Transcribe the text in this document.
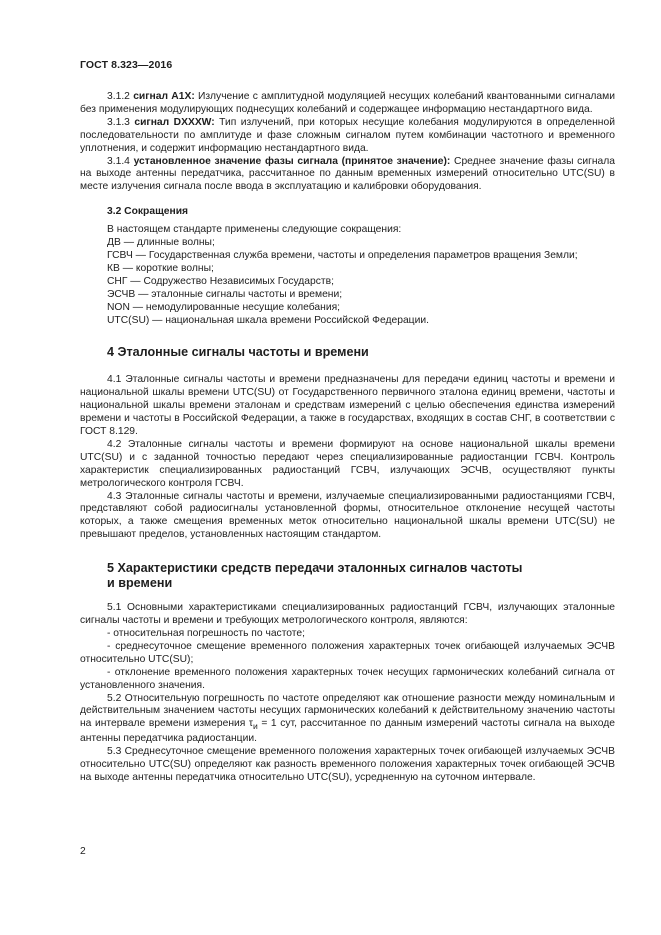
ГОСТ 8.323—2016

3.1.2 сигнал А1Х: Излучение с амплитудной модуляцией несущих колебаний квантованными сигналами без применения модулирующих поднесущих колебаний и содержащее информацию нестандартного вида.

3.1.3 сигнал DXXXW: Тип излучений, при которых несущие колебания модулируются в определенной последовательности по амплитуде и фазе сложным сигналом путем комбинации частотного и временного уплотнения, и содержит информацию нестандартного вида.

3.1.4 установленное значение фазы сигнала (принятое значение): Среднее значение фазы сигнала на выходе антенны передатчика, рассчитанное по данным временных измерений относительно UTC(SU) в месте излучения сигнала после ввода в эксплуатацию и калибровки оборудования.

3.2 Сокращения

В настоящем стандарте применены следующие сокращения:

ДВ — длинные волны;

ГСВЧ — Государственная служба времени, частоты и определения параметров вращения Земли;

КВ — короткие волны;

СНГ — Содружество Независимых Государств;

ЭСЧВ — эталонные сигналы частоты и времени;

NON — немодулированные несущие колебания;

UTC(SU) — национальная шкала времени Российской Федерации.

4 Эталонные сигналы частоты и времени

4.1 Эталонные сигналы частоты и времени предназначены для передачи единиц частоты и времени и национальной шкалы времени UTC(SU) от Государственного первичного эталона единиц времени, частоты и национальной шкалы времени эталонам и средствам измерений с целью обеспечения единства измерений времени и частоты в Российской Федерации, а также в государствах, входящих в состав СНГ, в соответствии с ГОСТ 8.129.

4.2 Эталонные сигналы частоты и времени формируют на основе национальной шкалы времени UTC(SU) и с заданной точностью передают через специализированные радиостанции ГСВЧ. Контроль характеристик специализированных радиостанций ГСВЧ, излучающих ЭСЧВ, осуществляют пункты метрологического контроля ГСВЧ.

4.3 Эталонные сигналы частоты и времени, излучаемые специализированными радиостанциями ГСВЧ, представляют собой радиосигналы установленной формы, относительное отклонение несущей частоты которых, а также смещения временных меток относительно национальной шкалы времени UTC(SU) не превышают пределов, установленных настоящим стандартом.

5 Характеристики средств передачи эталонных сигналов частоты
и времени

5.1 Основными характеристиками специализированных радиостанций ГСВЧ, излучающих эталонные сигналы частоты и времени и требующих метрологического контроля, являются:

- относительная погрешность по частоте;

- среднесуточное смещение временного положения характерных точек огибающей излучаемых ЭСЧВ относительно UTC(SU);

- отклонение временного положения характерных точек несущих гармонических колебаний сигнала от установленного значения.

5.2 Относительную погрешность по частоте определяют как отношение разности между номинальным и действительным значением частоты несущих гармонических колебаний к действительному значению частоты на интервале времени измерения $\tau_и = 1$ сут, рассчитанное по данным измерений частоты сигнала на выходе антенны передатчика радиостанции.

5.3 Среднесуточное смещение временного положения характерных точек огибающей излучаемых ЭСЧВ относительно UTC(SU) определяют как разность временного положения характерных точек огибающей ЭСЧВ на выходе антенны передатчика относительно UTC(SU), усредненную на суточном интервале.

2
